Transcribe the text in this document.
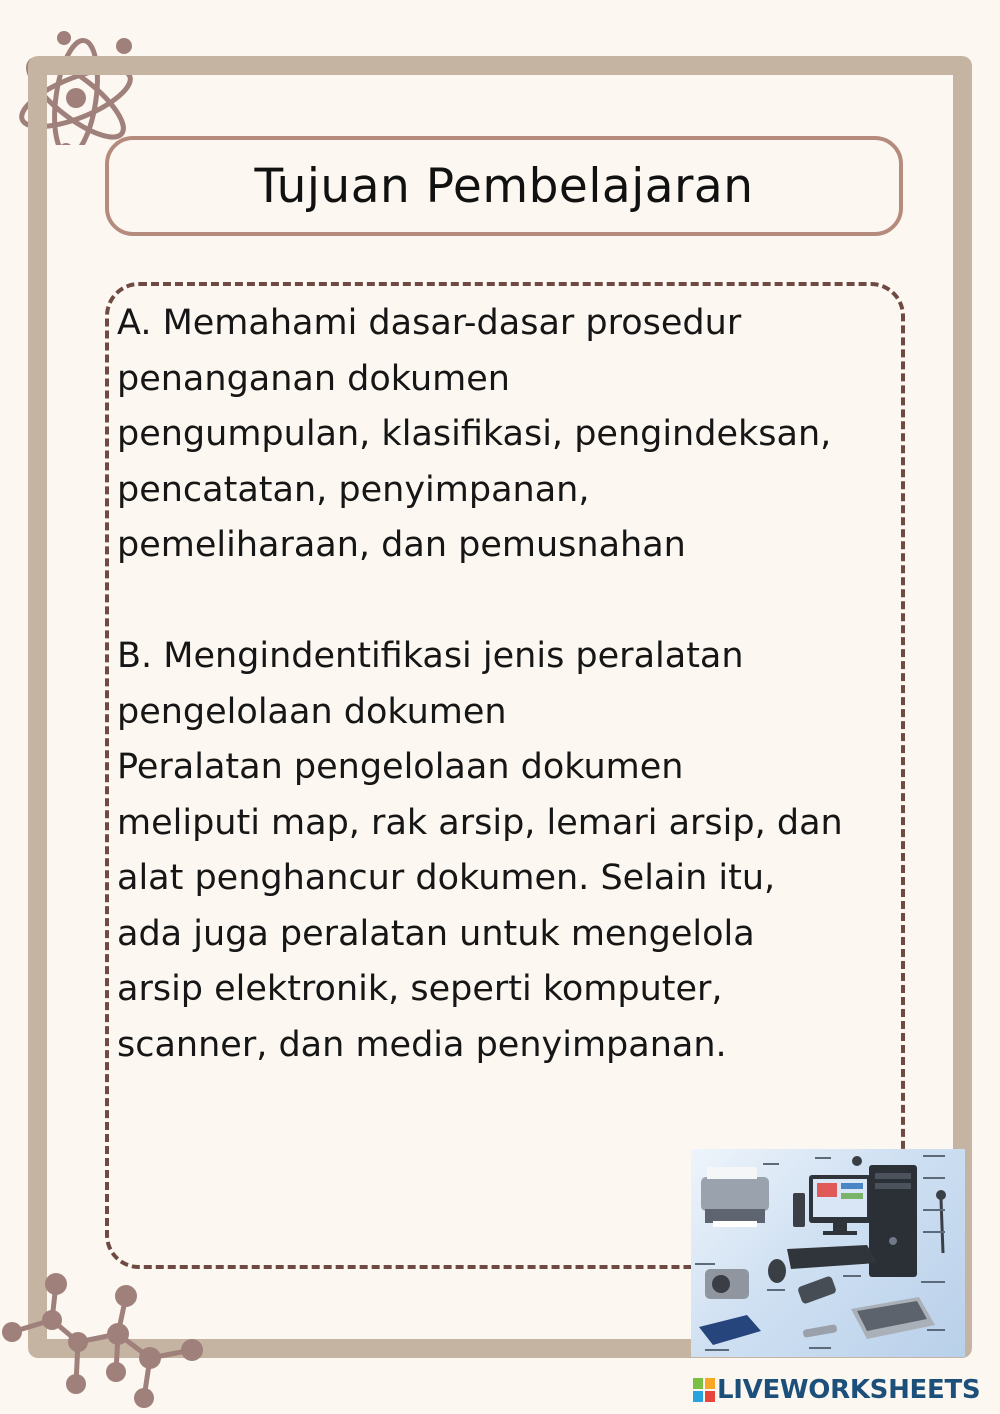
Tujuan Pembelajaran

A. Memahami dasar-dasar prosedur

penanganan dokumen

pengumpulan, klasifikasi, pengindeksan,

pencatatan, penyimpanan,

pemeliharaan, dan pemusnahan

B. Mengindentifikasi jenis peralatan

pengelolaan dokumen

Peralatan pengelolaan dokumen

meliputi map, rak arsip, lemari arsip, dan

alat penghancur dokumen. Selain itu,

ada juga peralatan untuk mengelola

arsip elektronik, seperti komputer,

scanner, dan media penyimpanan.

LIVEWORKSHEETS
